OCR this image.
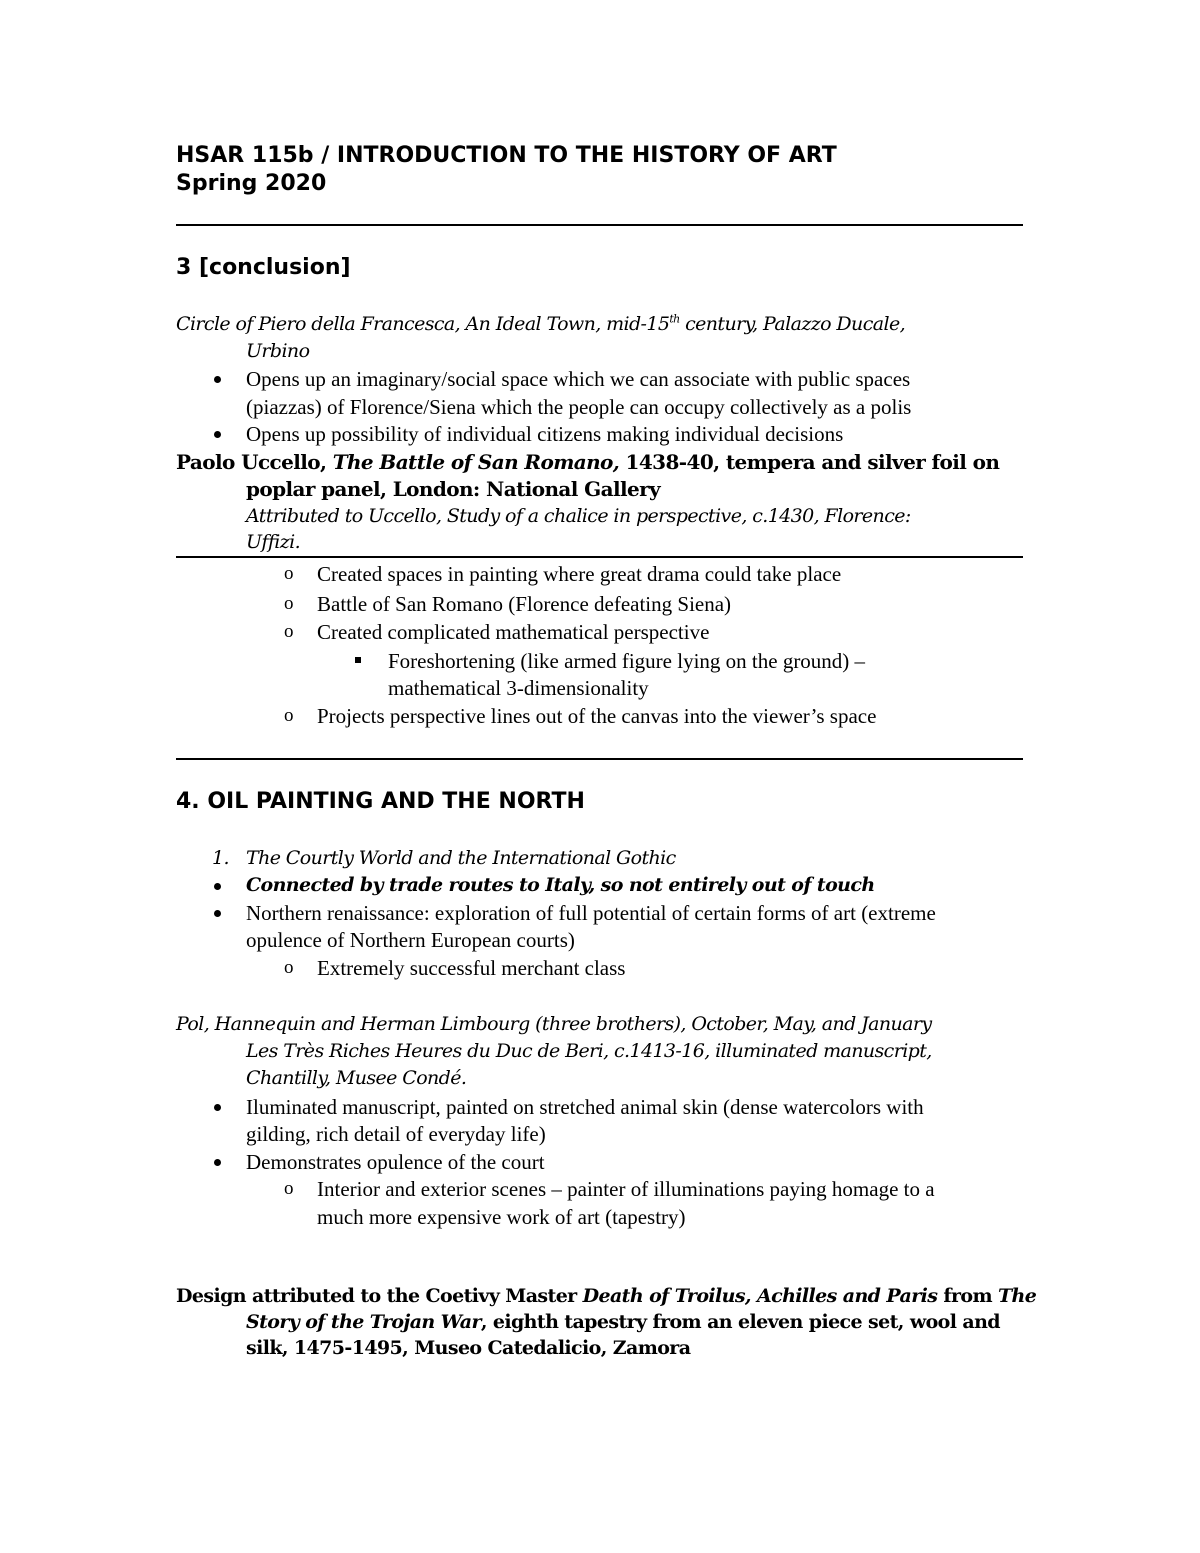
HSAR 115b / INTRODUCTION TO THE HISTORY OF ART
Spring 2020
3 [conclusion]
Circle of Piero della Francesca, An Ideal Town, mid-15th century, Palazzo Ducale,
Urbino
Opens up an imaginary/social space which we can associate with public spaces
(piazzas) of Florence/Siena which the people can occupy collectively as a polis
Opens up possibility of individual citizens making individual decisions
Paolo Uccello, The Battle of San Romano, 1438-40, tempera and silver foil on
poplar panel, London: National Gallery
Attributed to Uccello, Study of a chalice in perspective, c.1430, Florence:
Uffizi.
o Created spaces in painting where great drama could take place
o Battle of San Romano (Florence defeating Siena)
o Created complicated mathematical perspective
Foreshortening (like armed figure lying on the ground) –
mathematical 3-dimensionality
o Projects perspective lines out of the canvas into the viewer’s space
4. OIL PAINTING AND THE NORTH
1. The Courtly World and the International Gothic
Connected by trade routes to Italy, so not entirely out of touch
Northern renaissance: exploration of full potential of certain forms of art (extreme
opulence of Northern European courts)
o Extremely successful merchant class
Pol, Hannequin and Herman Limbourg (three brothers), October, May, and January
Les Très Riches Heures du Duc de Beri, c.1413-16, illuminated manuscript,
Chantilly, Musee Condé.
Iluminated manuscript, painted on stretched animal skin (dense watercolors with
gilding, rich detail of everyday life)
Demonstrates opulence of the court
o Interior and exterior scenes – painter of illuminations paying homage to a
much more expensive work of art (tapestry)
Design attributed to the Coetivy Master Death of Troilus, Achilles and Paris from The
Story of the Trojan War, eighth tapestry from an eleven piece set, wool and
silk, 1475-1495, Museo Catedalicio, Zamora
